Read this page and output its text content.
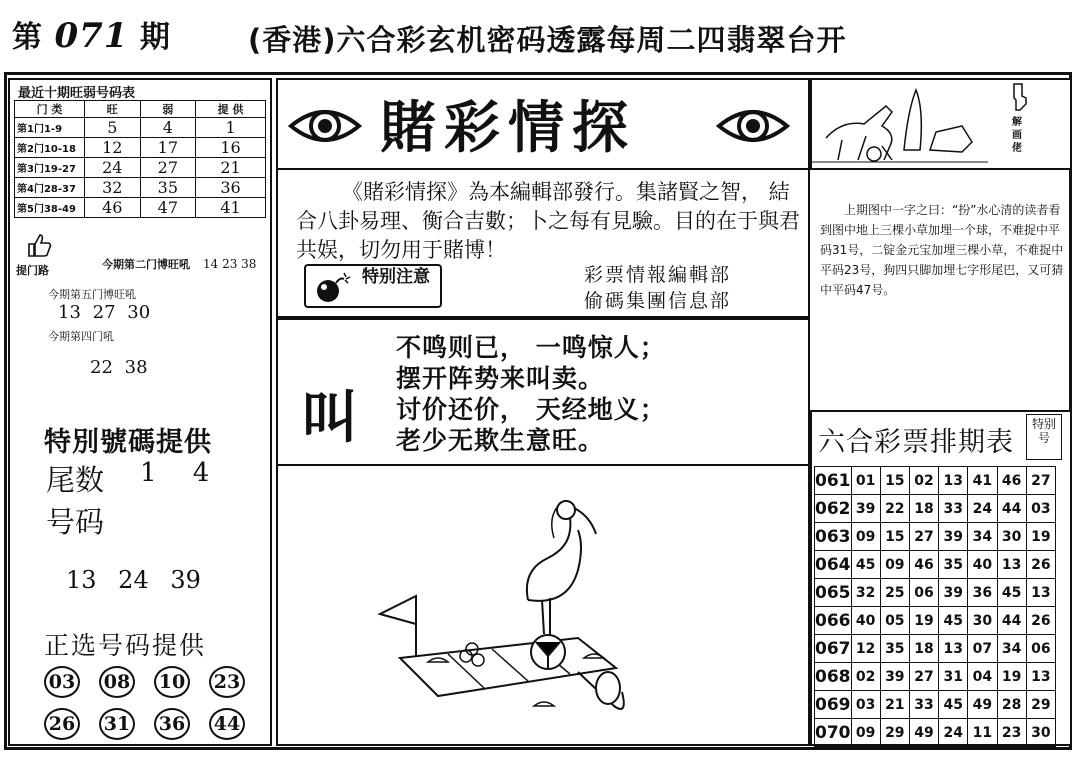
第 071 期	(香港)六合彩玄机密码透露每周二四翡翠台开
最近十期旺弱号码表
门 类	旺	弱	提 供
第1门1-9	5	4	1
第2门10-18	12	17	16
第3门19-27	24	27	21
第4门28-37	32	35	36
第5门38-49	46	47	41
提门路	今期第二门博旺吼 14 23 38
今期第五门博旺吼
13 27 30
今期第四门吼
22 38
特別號碼提供
尾数 1 4
号码
13 24 39
正选号码提供
03 08 10 23
26 31 36 44
賭彩情探
《賭彩情探》為本編輯部發行。集諸賢之智， 結合八卦易理、衡合吉數；卜之每有見驗。目的在于與君共娱，切勿用于賭博！
特别注意	彩票情報編輯部
偷碼集團信息部
叫
不鸣则已， 一鸣惊人；
摆开阵势来叫卖。
讨价还价， 天经地义；
老少无欺生意旺。
解画佬
上期图中一字之曰：“扮”水心清的读者看到图中地上三棵小草加埋一个球，不难捉中平码31号，二锭金元宝加埋三棵小草，不难捉中平码23号，狗四只脚加埋七字形尾巴，又可猜中平码47号。
六合彩票排期表
特别号
061	01	15	02	13	41	46	27
062	39	22	18	33	24	44	03
063	09	15	27	39	34	30	19
064	45	09	46	35	40	13	26
065	32	25	06	39	36	45	13
066	40	05	19	45	30	44	26
067	12	35	18	13	07	34	06
068	02	39	27	31	04	19	13
069	03	21	33	45	49	28	29
070	09	29	49	24	11	23	30
